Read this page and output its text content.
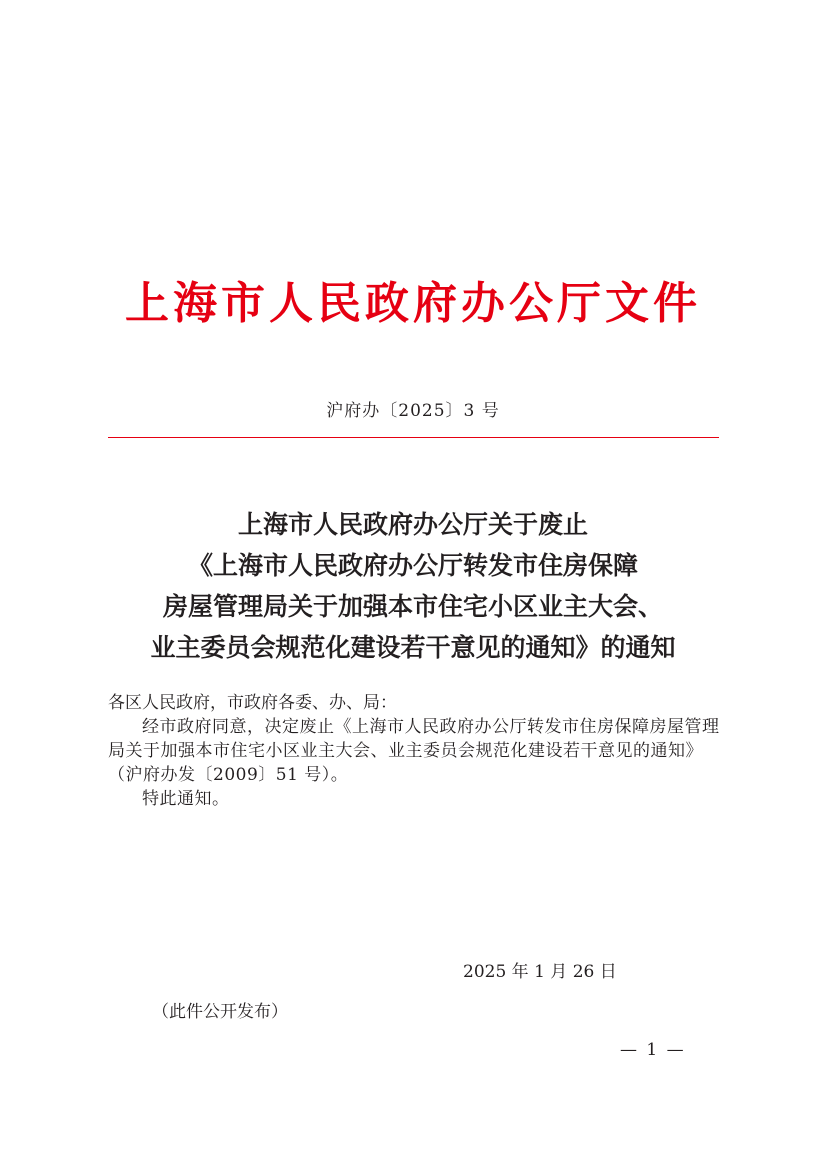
上海市人民政府办公厅文件
沪府办〔2025〕3 号
上海市人民政府办公厅关于废止
《上海市人民政府办公厅转发市住房保障
房屋管理局关于加强本市住宅小区业主大会、
业主委员会规范化建设若干意见的通知》的通知

各区人民政府，市政府各委、办、局：

经市政府同意，决定废止《上海市人民政府办公厅转发市住房保障房屋管理局关于加强本市住宅小区业主大会、业主委员会规范化建设若干意见的通知》（沪府办发〔2009〕51 号）。

特此通知。

2025 年 1 月 26 日
（此件公开发布）
— 1 —
